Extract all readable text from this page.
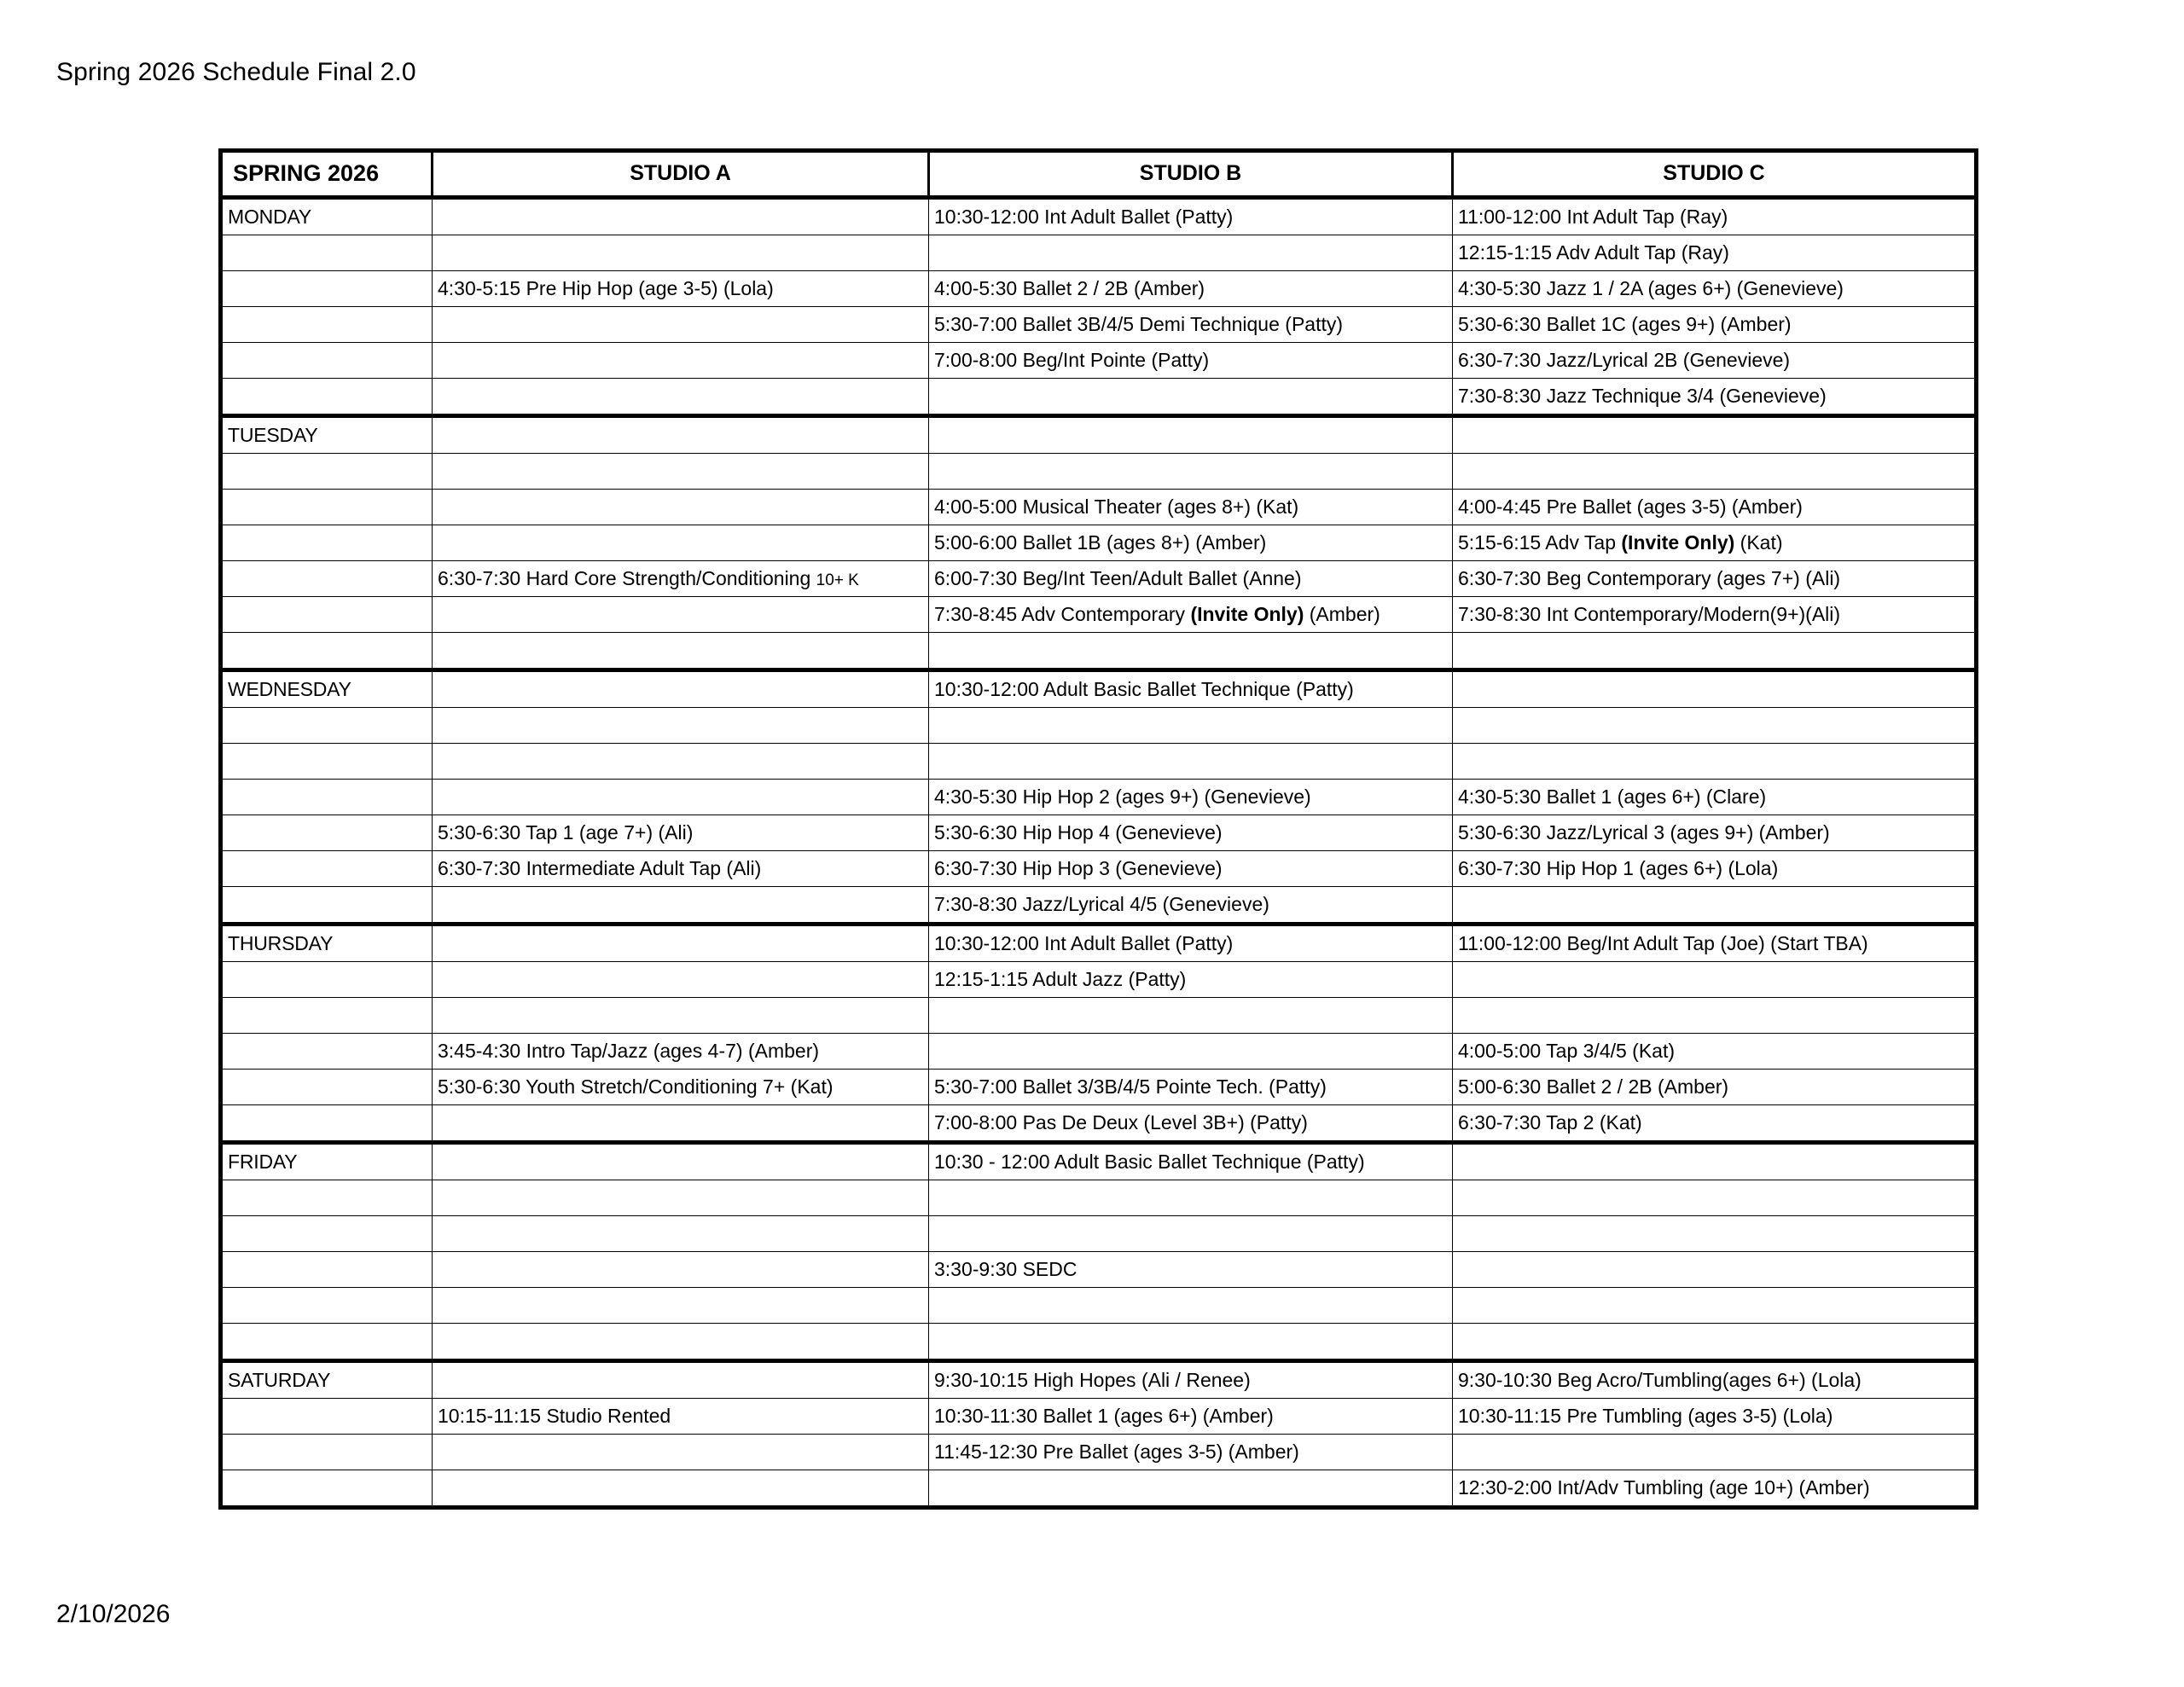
Spring 2026 Schedule Final 2.0
SPRING 2026	STUDIO A	STUDIO B	STUDIO C
MONDAY		10:30-12:00 Int Adult Ballet (Patty)	11:00-12:00 Int Adult Tap (Ray)
			12:15-1:15 Adv Adult Tap (Ray)
	4:30-5:15 Pre Hip Hop (age 3-5) (Lola)	4:00-5:30 Ballet 2 / 2B (Amber)	4:30-5:30 Jazz 1 / 2A (ages 6+) (Genevieve)
		5:30-7:00 Ballet 3B/4/5 Demi Technique (Patty)	5:30-6:30 Ballet 1C (ages 9+) (Amber)
		7:00-8:00 Beg/Int Pointe (Patty)	6:30-7:30 Jazz/Lyrical 2B (Genevieve)
			7:30-8:30 Jazz Technique 3/4 (Genevieve)
TUESDAY			

		4:00-5:00 Musical Theater (ages 8+) (Kat)	4:00-4:45 Pre Ballet (ages 3-5) (Amber)
		5:00-6:00 Ballet 1B (ages 8+) (Amber)	5:15-6:15 Adv Tap (Invite Only) (Kat)
	6:30-7:30 Hard Core Strength/Conditioning 10+ K	6:00-7:30 Beg/Int Teen/Adult Ballet (Anne)	6:30-7:30 Beg Contemporary (ages 7+) (Ali)
		7:30-8:45 Adv Contemporary (Invite Only) (Amber)	7:30-8:30 Int Contemporary/Modern(9+)(Ali)

WEDNESDAY		10:30-12:00 Adult Basic Ballet Technique (Patty)	

		4:30-5:30 Hip Hop 2 (ages 9+) (Genevieve)	4:30-5:30 Ballet 1 (ages 6+) (Clare)
	5:30-6:30 Tap 1 (age 7+) (Ali)	5:30-6:30 Hip Hop 4 (Genevieve)	5:30-6:30 Jazz/Lyrical 3 (ages 9+) (Amber)
	6:30-7:30 Intermediate Adult Tap (Ali)	6:30-7:30 Hip Hop 3 (Genevieve)	6:30-7:30 Hip Hop 1 (ages 6+) (Lola)
		7:30-8:30 Jazz/Lyrical 4/5 (Genevieve)	
THURSDAY		10:30-12:00 Int Adult Ballet (Patty)	11:00-12:00 Beg/Int Adult Tap (Joe) (Start TBA)
		12:15-1:15 Adult Jazz (Patty)	

	3:45-4:30 Intro Tap/Jazz (ages 4-7) (Amber)		4:00-5:00 Tap 3/4/5 (Kat)
	5:30-6:30 Youth Stretch/Conditioning 7+ (Kat)	5:30-7:00 Ballet 3/3B/4/5 Pointe Tech. (Patty)	5:00-6:30 Ballet 2 / 2B (Amber)
		7:00-8:00 Pas De Deux (Level 3B+) (Patty)	6:30-7:30 Tap 2 (Kat)
FRIDAY		10:30 - 12:00 Adult Basic Ballet Technique (Patty)	

		3:30-9:30 SEDC	

SATURDAY		9:30-10:15 High Hopes (Ali / Renee)	9:30-10:30 Beg Acro/Tumbling(ages 6+) (Lola)
	10:15-11:15 Studio Rented	10:30-11:30 Ballet 1 (ages 6+) (Amber)	10:30-11:15 Pre Tumbling (ages 3-5) (Lola)
		11:45-12:30 Pre Ballet (ages 3-5) (Amber)	
			12:30-2:00 Int/Adv Tumbling (age 10+) (Amber)
2/10/2026
